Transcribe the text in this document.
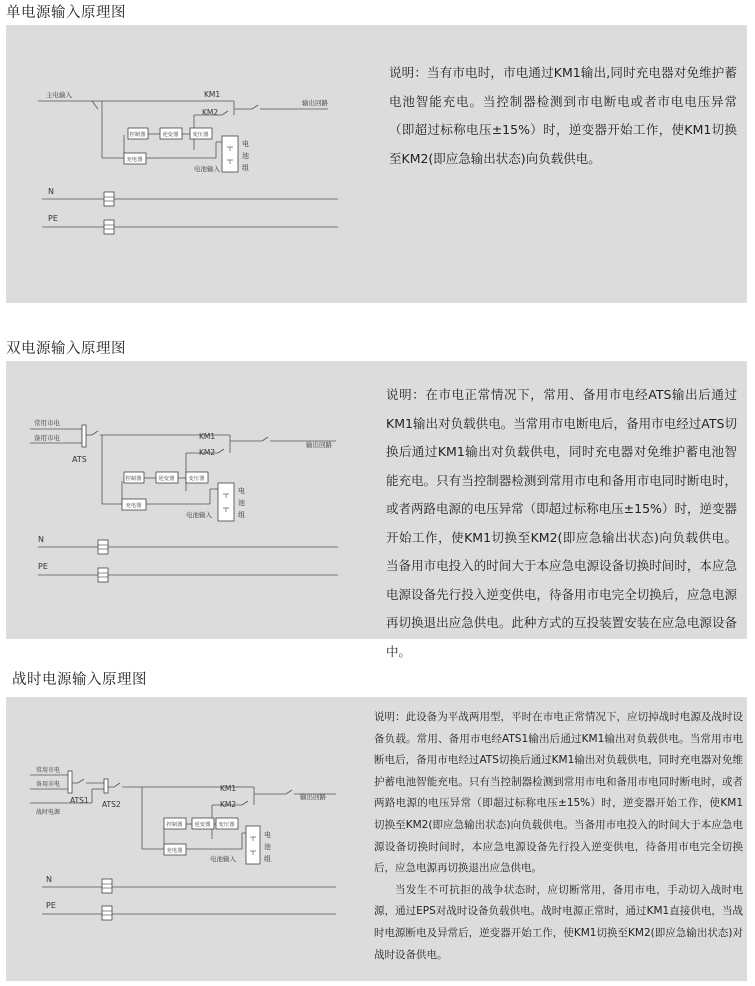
单电源输入原理图
主电输入	KM1
KM2
输出回路
控制器	逆变器	变压器
充电器
电池输入
电
池
组
N
PE

说明：当有市电时，市电通过KM1输出,同时充电器对免维护蓄电池智能充电。当控制器检测到市电断电或者市电电压异常（即超过标称电压±15%）时，逆变器开始工作，使KM1切换至KM2(即应急输出状态)向负载供电。

双电源输入原理图
常用市电
备用市电
ATS
KM1
KM2
输出回路
控制器	逆变器	变压器
充电器
电池输入
电
池
组
N
PE

说明：在市电正常情况下，常用、备用市电经ATS输出后通过KM1输出对负载供电。当常用市电断电后，备用市电经过ATS切换后通过KM1输出对负载供电，同时充电器对免维护蓄电池智能充电。只有当控制器检测到常用市电和备用市电同时断电时，或者两路电源的电压异常（即超过标称电压±15%）时，逆变器开始工作，使KM1切换至KM2(即应急输出状态)向负载供电。当备用市电投入的时间大于本应急电源设备切换时间时，本应急电源设备先行投入逆变供电，待备用市电完全切换后，应急电源再切换退出应急供电。此种方式的互投装置安装在应急电源设备中。

战时电源输入原理图
常用市电
备用市电
战时电源
ATS1 ATS2
KM1
KM2
输出回路
控制器 逆变器 变压器
充电器
电池输入
电
池
组
N
PE

说明：此设备为平战两用型，平时在市电正常情况下，应切掉战时电源及战时设备负载。常用、备用市电经ATS1输出后通过KM1输出对负载供电。当常用市电断电后，备用市电经过ATS切换后通过KM1输出对负载供电，同时充电器对免维护蓄电池智能充电。只有当控制器检测到常用市电和备用市电同时断电时，或者两路电源的电压异常（即超过标称电压±15%）时，逆变器开始工作，使KM1切换至KM2(即应急输出状态)向负载供电。当备用市电投入的时间大于本应急电源设备切换时间时，本应急电源设备先行投入逆变供电，待备用市电完全切换后，应急电源再切换退出应急供电。

当发生不可抗拒的战争状态时，应切断常用，备用市电，手动切入战时电源，通过EPS对战时设备负载供电。战时电源正常时，通过KM1直接供电，当战时电源断电及异常后，逆变器开始工作，使KM1切换至KM2(即应急输出状态)对战时设备供电。
